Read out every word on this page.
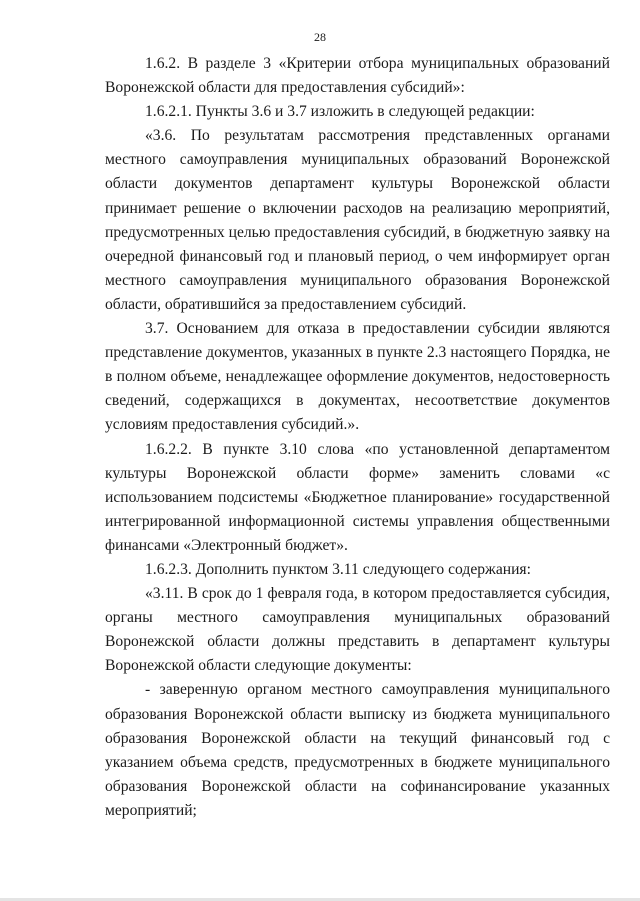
28

1.6.2. В разделе 3 «Критерии отбора муниципальных образований Воронежской области для предоставления субсидий»:

1.6.2.1. Пункты 3.6 и 3.7 изложить в следующей редакции:

«3.6. По результатам рассмотрения представленных органами местного самоуправления муниципальных образований Воронежской области документов департамент культуры Воронежской области принимает решение о включении расходов на реализацию мероприятий, предусмотренных целью предоставления субсидий, в бюджетную заявку на очередной финансовый год и плановый период, о чем информирует орган местного самоуправления муниципального образования Воронежской области, обратившийся за предоставлением субсидий.

3.7. Основанием для отказа в предоставлении субсидии являются представление документов, указанных в пункте 2.3 настоящего Порядка, не в полном объеме, ненадлежащее оформление документов, недостоверность сведений, содержащихся в документах, несоответствие документов условиям предоставления субсидий.».

1.6.2.2. В пункте 3.10 слова «по установленной департаментом культуры Воронежской области форме» заменить словами «с использованием подсистемы «Бюджетное планирование» государственной интегрированной информационной системы управления общественными финансами «Электронный бюджет».

1.6.2.3. Дополнить пунктом 3.11 следующего содержания:

«3.11. В срок до 1 февраля года, в котором предоставляется субсидия, органы местного самоуправления муниципальных образований Воронежской области должны представить в департамент культуры Воронежской области следующие документы:

- заверенную органом местного самоуправления муниципального образования Воронежской области выписку из бюджета муниципального образования Воронежской области на текущий финансовый год с указанием объема средств, предусмотренных в бюджете муниципального образования Воронежской области на софинансирование указанных мероприятий;
